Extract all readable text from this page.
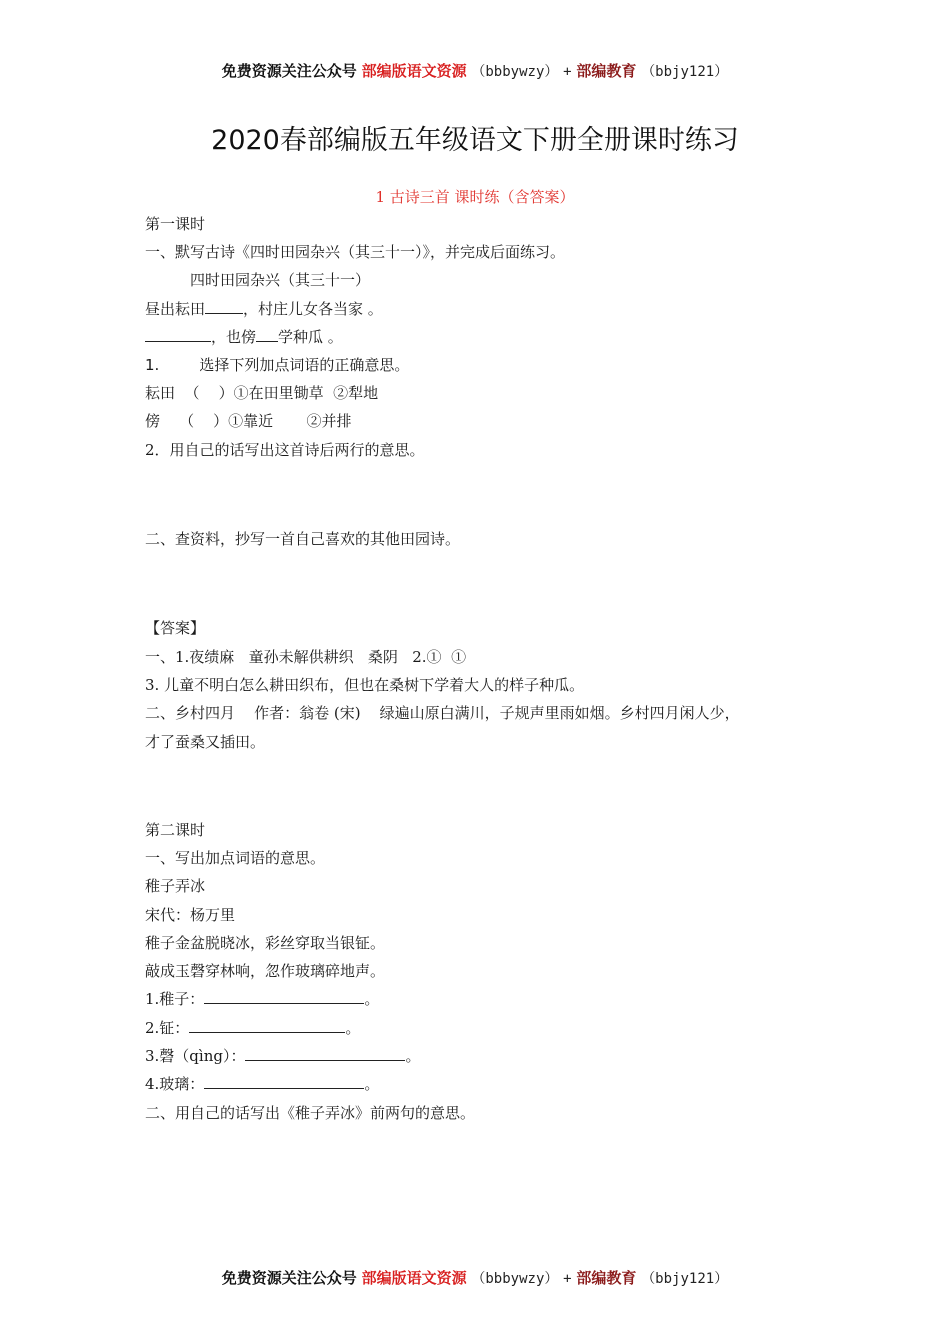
免费资源关注公众号 部编版语文资源 （bbbywzy） + 部编教育 （bbjy121）
2020春部编版五年级语文下册全册课时练习
1 古诗三首 课时练（含答案）
第一课时
一、默写古诗《四时田园杂兴（其三十一）》，并完成后面练习。
四时田园杂兴（其三十一）
昼出耘田	，村庄儿女各当家 。
，也傍 学种瓜 。
1.	选择下列加点词语的正确意思。
耘田  （    ）①在田里锄草  ②犁地
傍    （    ）①靠近       ②并排
2．用自己的话写出这首诗后两行的意思。
二、查资料，抄写一首自己喜欢的其他田园诗。
【答案】
一、1.夜绩麻   童孙未解供耕织   桑阴   2.①  ①
3. 儿童不明白怎么耕田织布，但也在桑树下学着大人的样子种瓜。
二、乡村四月    作者：翁卷 (宋)    绿遍山原白满川，子规声里雨如烟。乡村四月闲人少，
才了蚕桑又插田。
第二课时
一、写出加点词语的意思。
稚子弄冰
宋代：杨万里
稚子金盆脱晓冰，彩丝穿取当银钲。
敲成玉磬穿林响，忽作玻璃碎地声。
1.稚子：	。
2.钲：	。
3.磬（qìng）：	。
4.玻璃：	。
二、用自己的话写出《稚子弄冰》前两句的意思。
免费资源关注公众号 部编版语文资源 （bbbywzy） + 部编教育 （bbjy121）
